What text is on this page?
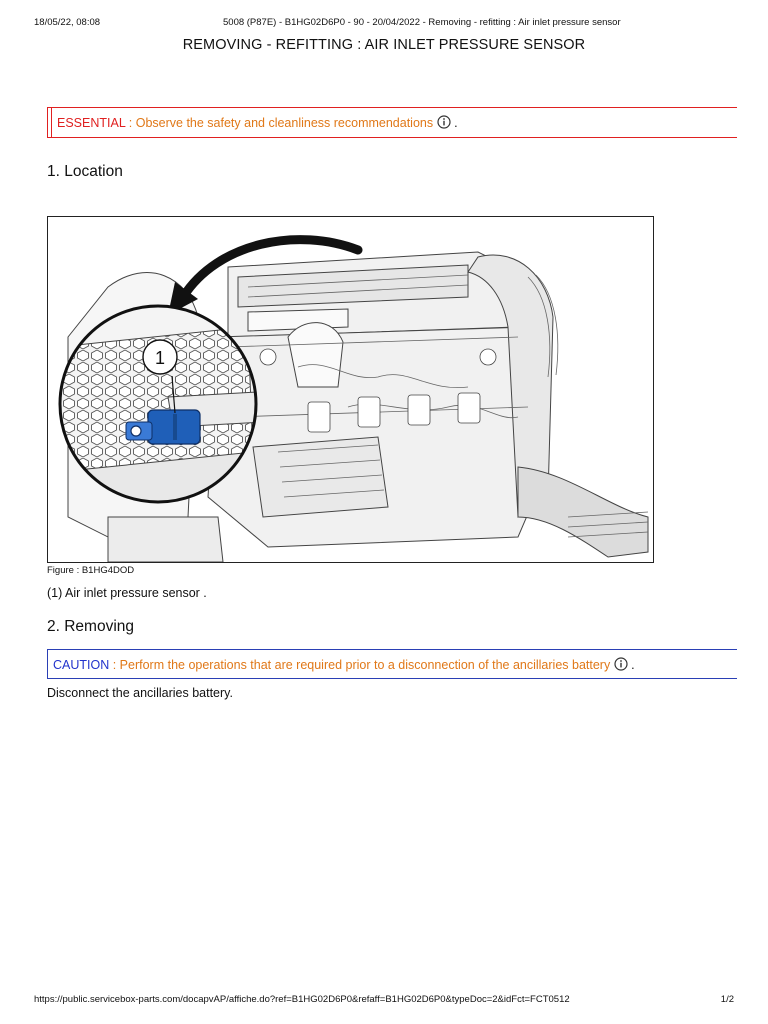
18/05/22, 08:08	5008 (P87E) - B1HG02D6P0 - 90 - 20/04/2022 - Removing - refitting : Air inlet pressure sensor
REMOVING - REFITTING : AIR INLET PRESSURE SENSOR
ESSENTIAL : Observe the safety and cleanliness recommendations  .
1. Location
1
Figure : B1HG4DOD

(1) Air inlet pressure sensor .

2. Removing
CAUTION : Perform the operations that are required prior to a disconnection of the ancillaries battery  .

Disconnect the ancillaries battery.

https://public.servicebox-parts.com/docapvAP/affiche.do?ref=B1HG02D6P0&refaff=B1HG02D6P0&typeDoc=2&idFct=FCT0512	1/2
